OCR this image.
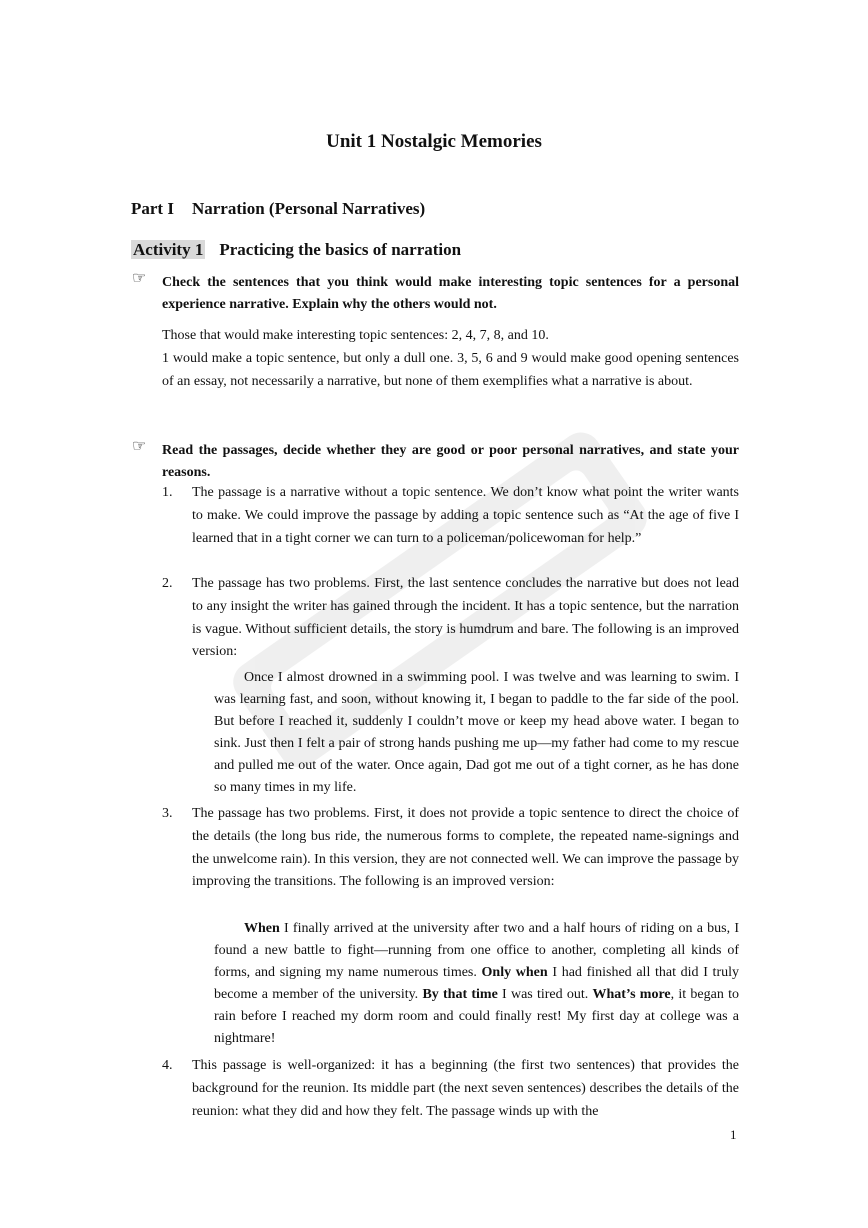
Unit 1 Nostalgic Memories
Part I Narration (Personal Narratives)
Activity 1 Practicing the basics of narration
☞ Check the sentences that you think would make interesting topic sentences for a personal experience narrative. Explain why the others would not.
Those that would make interesting topic sentences: 2, 4, 7, 8, and 10.
1 would make a topic sentence, but only a dull one. 3, 5, 6 and 9 would make good opening sentences of an essay, not necessarily a narrative, but none of them exemplifies what a narrative is about.
☞ Read the passages, decide whether they are good or poor personal narratives, and state your reasons.
1.	The passage is a narrative without a topic sentence. We don’t know what point the writer wants to make. We could improve the passage by adding a topic sentence such as “At the age of five I learned that in a tight corner we can turn to a policeman/policewoman for help.”
2.	The passage has two problems. First, the last sentence concludes the narrative but does not lead to any insight the writer has gained through the incident. It has a topic sentence, but the narration is vague. Without sufficient details, the story is humdrum and bare. The following is an improved version:
Once I almost drowned in a swimming pool. I was twelve and was learning to swim. I was learning fast, and soon, without knowing it, I began to paddle to the far side of the pool. But before I reached it, suddenly I couldn’t move or keep my head above water. I began to sink. Just then I felt a pair of strong hands pushing me up—my father had come to my rescue and pulled me out of the water. Once again, Dad got me out of a tight corner, as he has done so many times in my life.
3.	The passage has two problems. First, it does not provide a topic sentence to direct the choice of the details (the long bus ride, the numerous forms to complete, the repeated name-signings and the unwelcome rain). In this version, they are not connected well. We can improve the passage by improving the transitions. The following is an improved version:
When I finally arrived at the university after two and a half hours of riding on a bus, I found a new battle to fight—running from one office to another, completing all kinds of forms, and signing my name numerous times. Only when I had finished all that did I truly become a member of the university. By that time I was tired out. What’s more, it began to rain before I reached my dorm room and could finally rest! My first day at college was a nightmare!
4.	This passage is well-organized: it has a beginning (the first two sentences) that provides the background for the reunion. Its middle part (the next seven sentences) describes the details of the reunion: what they did and how they felt. The passage winds up with the
1
